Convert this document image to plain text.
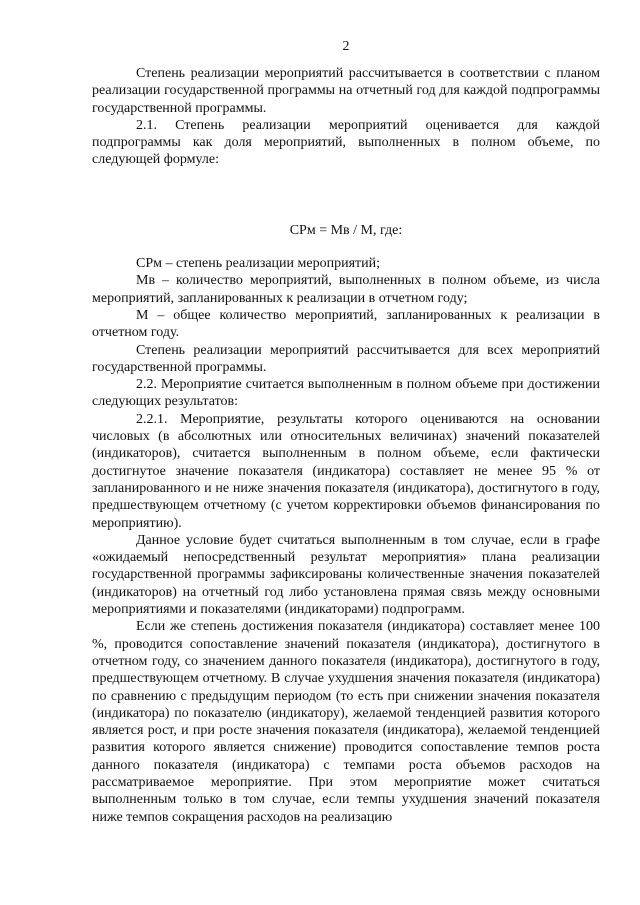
2

Степень реализации мероприятий рассчитывается в соответствии с планом реализации государственной программы на отчетный год для каждой подпрограммы государственной программы.

2.1. Степень реализации мероприятий оценивается для каждой подпрограммы как доля мероприятий, выполненных в полном объеме, по следующей формуле:

СРм = Мв / М, где:

СРм – степень реализации мероприятий;

Мв – количество мероприятий, выполненных в полном объеме, из числа мероприятий, запланированных к реализации в отчетном году;

М – общее количество мероприятий, запланированных к реализации в отчетном году.

Степень реализации мероприятий рассчитывается для всех мероприятий государственной программы.

2.2. Мероприятие считается выполненным в полном объеме при достижении следующих результатов:

2.2.1. Мероприятие, результаты которого оцениваются на основании числовых (в абсолютных или относительных величинах) значений показателей (индикаторов), считается выполненным в полном объеме, если фактически достигнутое значение показателя (индикатора) составляет не менее 95 % от запланированного и не ниже значения показателя (индикатора), достигнутого в году, предшествующем отчетному (с учетом корректировки объемов финансирования по мероприятию).

Данное условие будет считаться выполненным в том случае, если в графе «ожидаемый непосредственный результат мероприятия» плана реализации государственной программы зафиксированы количественные значения показателей (индикаторов) на отчетный год либо установлена прямая связь между основными мероприятиями и показателями (индикаторами) подпрограмм.

Если же степень достижения показателя (индикатора) составляет менее 100 %, проводится сопоставление значений показателя (индикатора), достигнутого в отчетном году, со значением данного показателя (индикатора), достигнутого в году, предшествующем отчетному. В случае ухудшения значения показателя (индикатора) по сравнению с предыдущим периодом (то есть при снижении значения показателя (индикатора) по показателю (индикатору), желаемой тенденцией развития которого является рост, и при росте значения показателя (индикатора), желаемой тенденцией развития которого является снижение) проводится сопоставление темпов роста данного показателя (индикатора) с темпами роста объемов расходов на рассматриваемое мероприятие. При этом мероприятие может считаться выполненным только в том случае, если темпы ухудшения значений показателя ниже темпов сокращения расходов на реализацию
